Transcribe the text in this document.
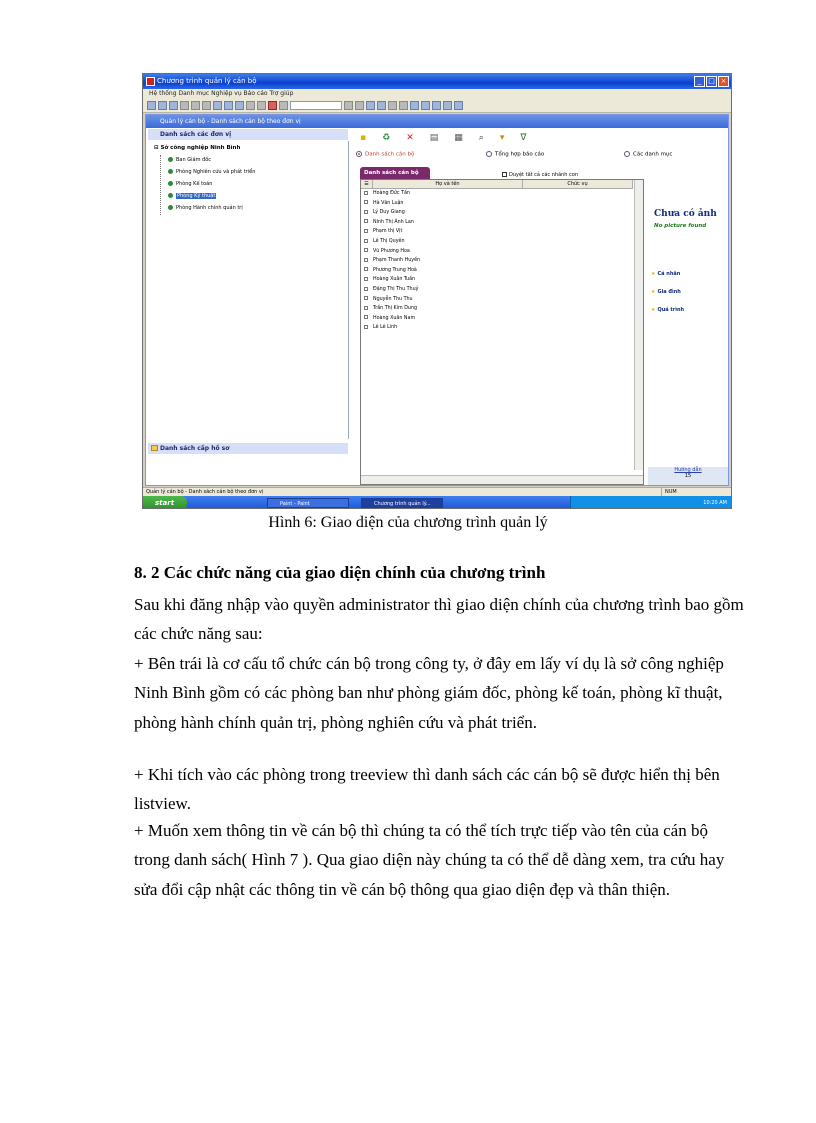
Chương trình quản lý cán bộ	_ □ ×
Hệ thống Danh mục Nghiệp vụ Báo cáo Trợ giúp
Quản lý cán bộ - Danh sách cán bộ theo đơn vị
Danh sách các đơn vị
⊟ Sở công nghiệp Ninh Bình
Ban Giám đốc
Phòng Nghiên cứu và phát triển
Phòng Kế toán
Phòng Kỹ thuật
Phòng Hành chính quản trị
Danh sách cấp hồ sơ
▪ ♻ ✕ ▤ ▦ ⌕ ▾ ∇
Danh sách cán bộ	Tổng hợp báo cáo	Các danh mục
Danh sách cán bộ	Duyệt tất cả các nhánh con
☰	Họ và tên	Chức vụ
Hoàng Đức Tấn
Hà Văn Luận
Lý Duy Giang
Ninh Thị Ánh Lan
Phạm thị Vịt
Lê Thị Quyên
Vũ Phương Hoa
Phạm Thanh Huyền
Phương Trung Hoà
Hoàng Xuân Tuấn
Đặng Thị Thu Thuỷ
Nguyễn Thu Thu
Trần Thị Kim Dung
Hoàng Xuân Nam
Lê Lê Linh
Chưa có ảnh
No picture found
★ Cá nhân
★ Gia đình
★ Quá trình
Hướng dẫn
15
Quản lý cán bộ - Danh sách cán bộ theo đơn vị	NUM
start	Paint - Paint	Chương trình quản lý...	10:20 AM
Hình 6: Giao diện của chương trình quản lý
8. 2 Các chức năng của giao diện chính của chương trình
Sau khi đăng nhập vào quyền administrator thì giao diện chính của chương trình bao gồm các chức năng sau:
+ Bên trái là cơ cấu tổ chức cán bộ trong công ty, ở đây em lấy ví dụ là sở công nghiệp Ninh Bình gồm có các phòng ban như phòng giám đốc, phòng kế toán, phòng kĩ thuật, phòng hành chính quản trị, phòng nghiên cứu và phát triển.
+ Khi tích vào các phòng trong treeview thì danh sách các cán bộ sẽ được hiển thị bên listview.
+ Muốn xem thông tin về cán bộ thì chúng ta có thể tích trực tiếp vào tên của cán bộ trong danh sách( Hình 7 ). Qua giao diện này chúng ta có thể dễ dàng xem, tra cứu hay sửa đổi cập nhật các thông tin về cán bộ thông qua giao diện đẹp và thân thiện.
